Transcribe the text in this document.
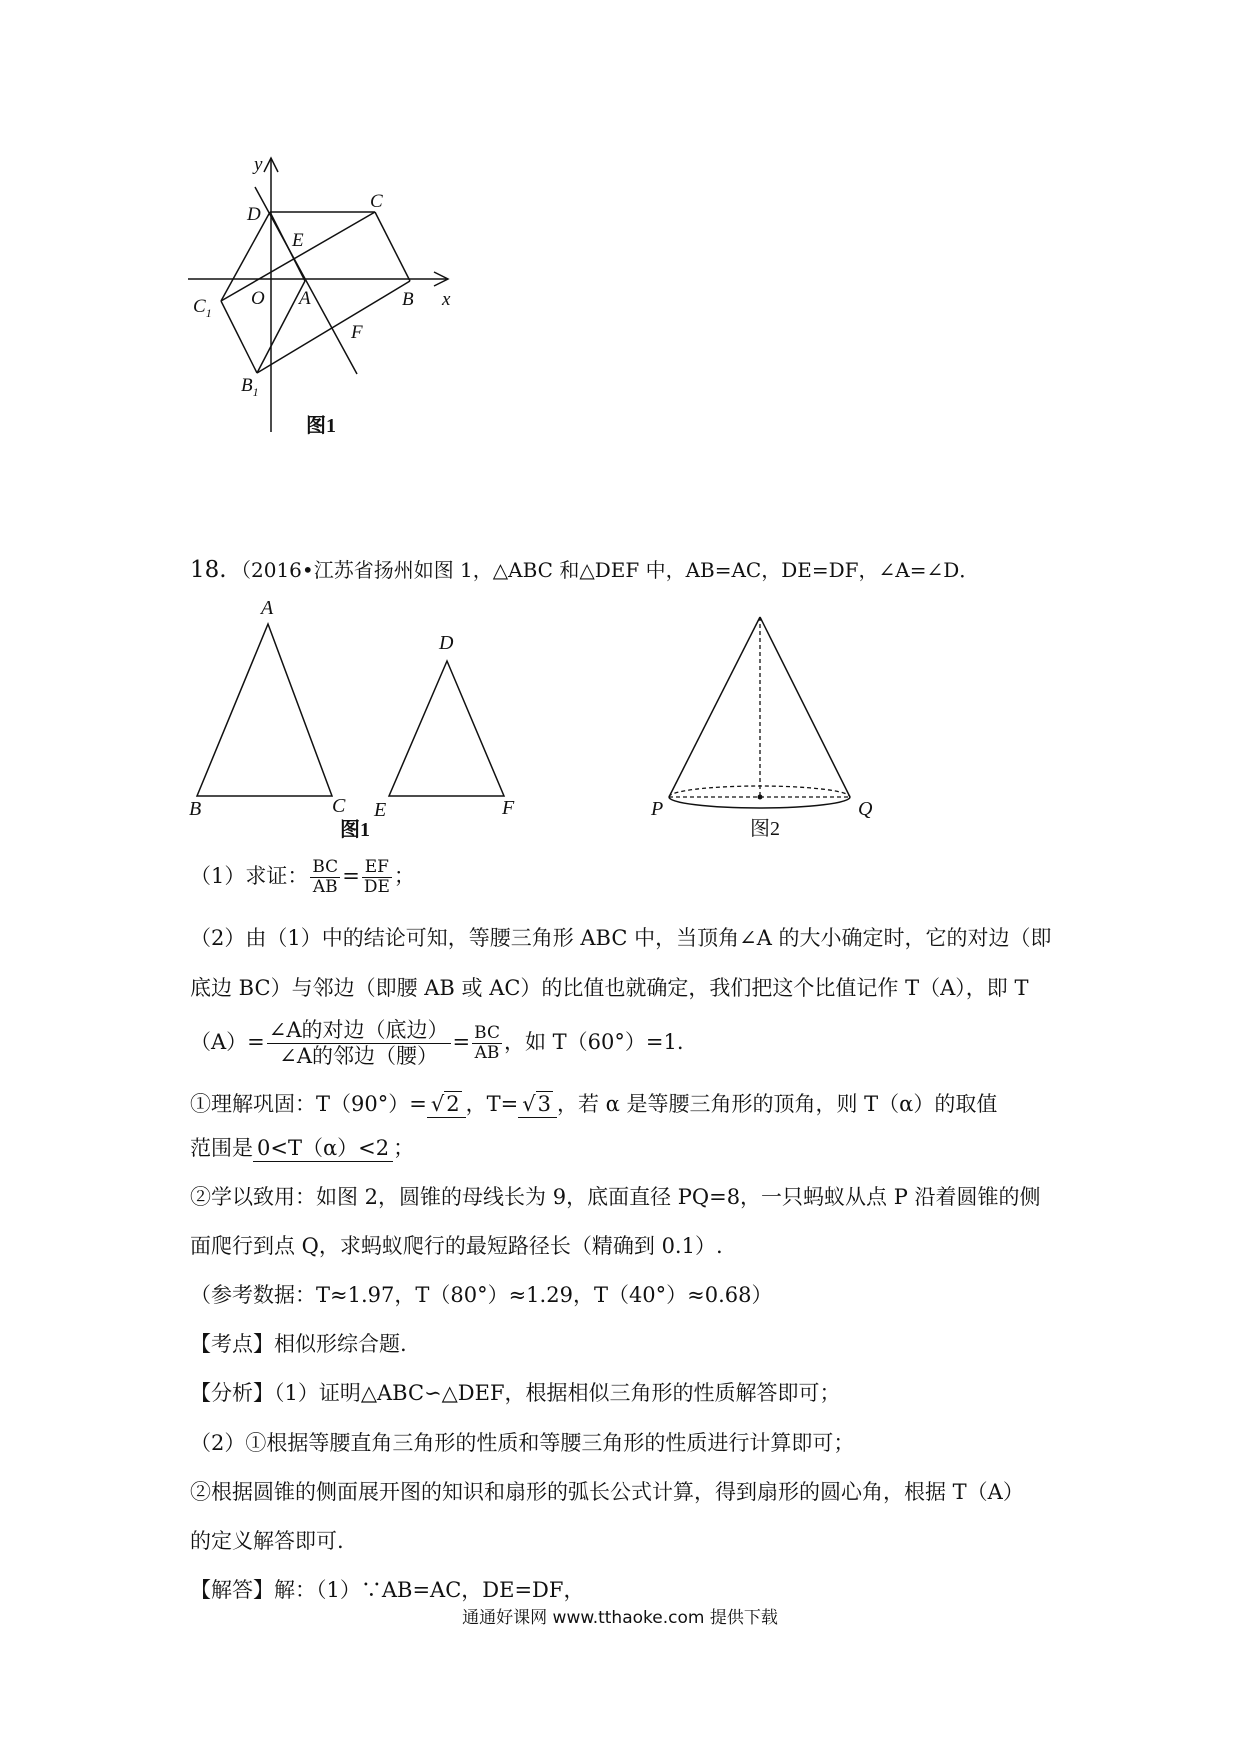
y
x
D
C
E
O A	B
$C_1$
F
$B_1$
图1
18. （2016•江苏省扬州如图 1，△ABC 和△DEF 中，AB=AC，DE=DF，∠A=∠D．
A
B	C
D
E	F	P	Q
图1	图2
（1）求证： $\frac{BC}{AB} = \frac{EF}{DE}$ ；
（2）由（1）中的结论可知，等腰三角形 ABC 中，当顶角∠A 的大小确定时，它的对边（即
底边 BC）与邻边（即腰 AB 或 AC）的比值也就确定，我们把这个比值记作 T（A），即 T
$(A)= \frac{\text{∠A的对边（底边）}}{\text{∠A的邻边（腰）}} = \frac{BC}{AB}$ ，如 T（60°）=1.
①理解巩固：T（90°）= √2 ，T= √3 ，若 α 是等腰三角形的顶角，则 T（α）的取值
范围是 0<T（α）<2 ；
②学以致用：如图 2，圆锥的母线长为 9，底面直径 PQ=8，一只蚂蚁从点 P 沿着圆锥的侧
面爬行到点 Q，求蚂蚁爬行的最短路径长（精确到 0.1）.
（参考数据：T≈1.97，T（80°）≈1.29，T（40°）≈0.68）
【考点】相似形综合题.
【分析】（1）证明△ABC∽△DEF，根据相似三角形的性质解答即可；
（2）①根据等腰直角三角形的性质和等腰三角形的性质进行计算即可；
②根据圆锥的侧面展开图的知识和扇形的弧长公式计算，得到扇形的圆心角，根据 T（A）
的定义解答即可.
【解答】解：（1）∵AB=AC，DE=DF，
通通好课网 www.tthaoke.com 提供下载
